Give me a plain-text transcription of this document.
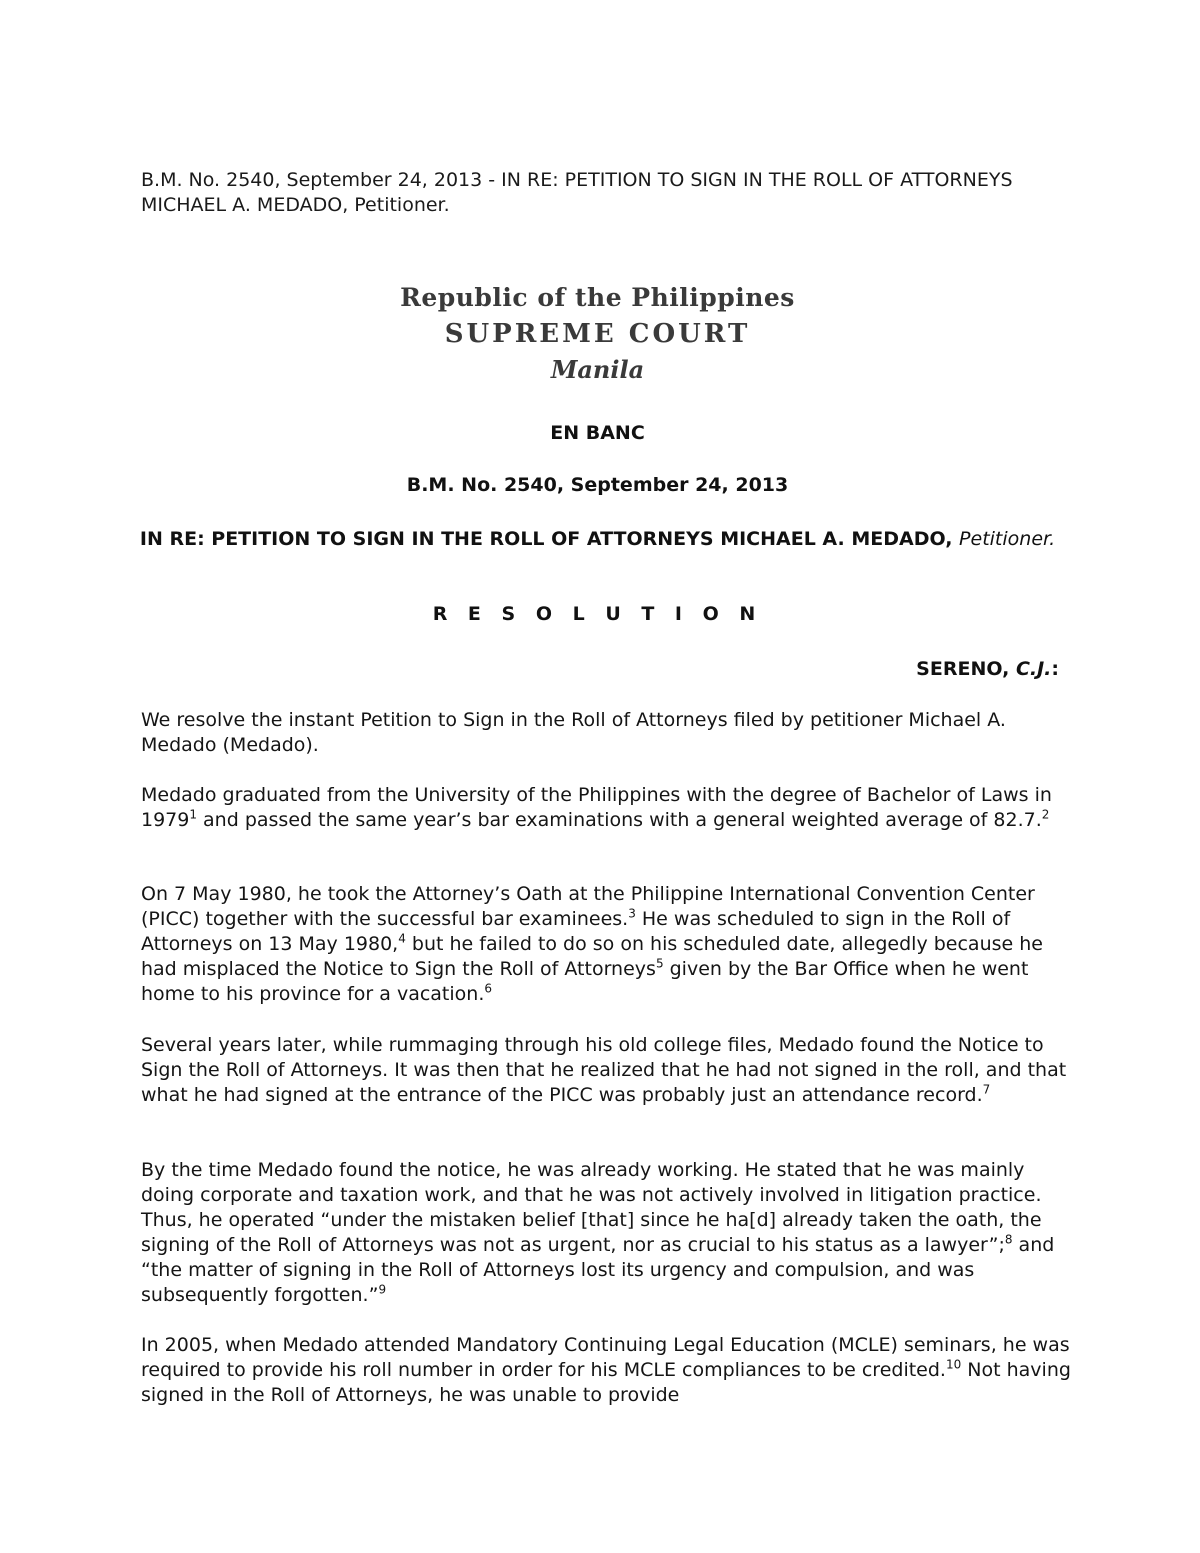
B.M. No. 2540, September 24, 2013 - IN RE: PETITION TO SIGN IN THE ROLL OF ATTORNEYS MICHAEL A. MEDADO, Petitioner.
Republic of the Philippines
SUPREME COURT
Manila
EN BANC
B.M. No. 2540, September 24, 2013
IN RE: PETITION TO SIGN IN THE ROLL OF ATTORNEYS MICHAEL A. MEDADO, Petitioner.
R E S O L U T I O N
SERENO, C.J.:

We resolve the instant Petition to Sign in the Roll of Attorneys filed by petitioner Michael A. Medado (Medado).

Medado graduated from the University of the Philippines with the degree of Bachelor of Laws in 1979$^1$ and passed the same year’s bar examinations with a general weighted average of 82.7.$^2$

On 7 May 1980, he took the Attorney’s Oath at the Philippine International Convention Center (PICC) together with the successful bar examinees.$^3$ He was scheduled to sign in the Roll of Attorneys on 13 May 1980,$^4$ but he failed to do so on his scheduled date, allegedly because he had misplaced the Notice to Sign the Roll of Attorneys$^5$ given by the Bar Office when he went home to his province for a vacation.$^6$

Several years later, while rummaging through his old college files, Medado found the Notice to Sign the Roll of Attorneys. It was then that he realized that he had not signed in the roll, and that what he had signed at the entrance of the PICC was probably just an attendance record.$^7$

By the time Medado found the notice, he was already working. He stated that he was mainly doing corporate and taxation work, and that he was not actively involved in litigation practice. Thus, he operated “under the mistaken belief [that] since he ha[d] already taken the oath, the signing of the Roll of Attorneys was not as urgent, nor as crucial to his status as a lawyer”;$^8$ and “the matter of signing in the Roll of Attorneys lost its urgency and compulsion, and was subsequently forgotten.”$^9$

In 2005, when Medado attended Mandatory Continuing Legal Education (MCLE) seminars, he was required to provide his roll number in order for his MCLE compliances to be credited.$^{10}$ Not having signed in the Roll of Attorneys, he was unable to provide
